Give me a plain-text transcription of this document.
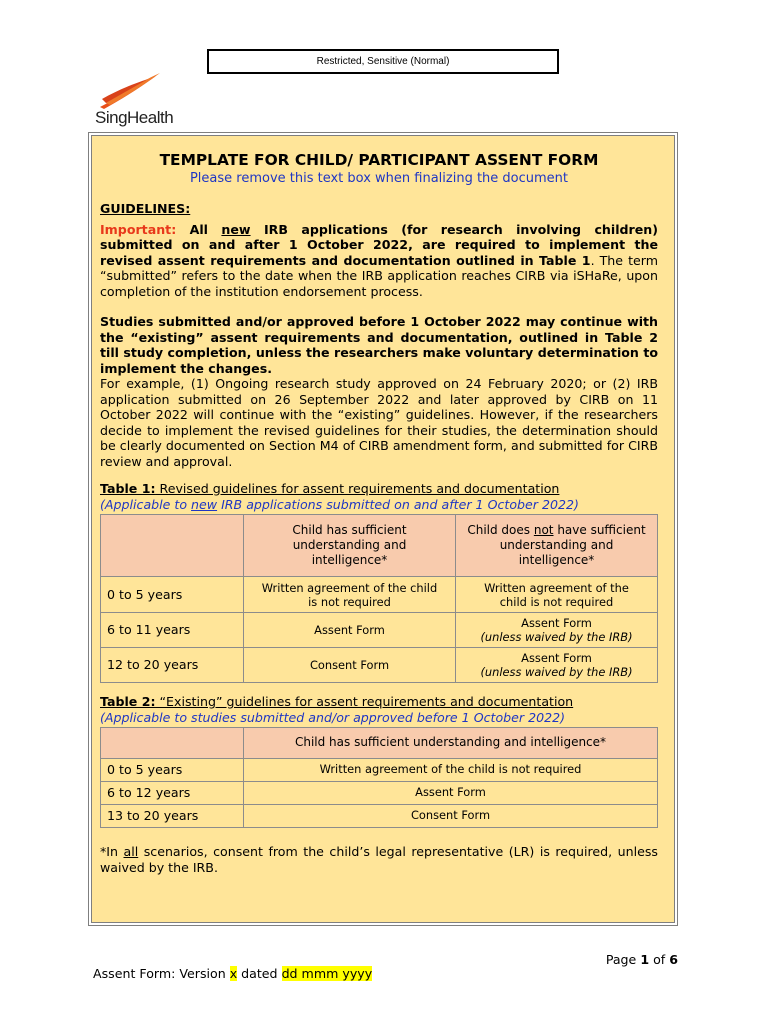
Restricted, Sensitive (Normal)
SingHealth

TEMPLATE FOR CHILD/ PARTICIPANT ASSENT FORM

Please remove this text box when finalizing the document

GUIDELINES:
Important: All new IRB applications (for research involving children) submitted on and after 1 October 2022, are required to implement the revised assent requirements and documentation outlined in Table 1. The term “submitted” refers to the date when the IRB application reaches CIRB via iSHaRe, upon completion of the institution endorsement process.
Studies submitted and/or approved before 1 October 2022 may continue with the “existing” assent requirements and documentation, outlined in Table 2 till study completion, unless the researchers make voluntary determination to implement the changes.
For example, (1) Ongoing research study approved on 24 February 2020; or (2) IRB application submitted on 26 September 2022 and later approved by CIRB on 11 October 2022 will continue with the “existing” guidelines. However, if the researchers decide to implement the revised guidelines for their studies, the determination should be clearly documented on Section M4 of CIRB amendment form, and submitted for CIRB review and approval.
Table 1: Revised guidelines for assent requirements and documentation
(Applicable to new IRB applications submitted on and after 1 October 2022)

	Child has sufficient understanding and intelligence*	Child does not have sufficient understanding and intelligence*

0 to 5 years	Written agreement of the child is not required	Written agreement of the child is not required

6 to 11 years	Assent Form	Assent Form
(unless waived by the IRB)

12 to 20 years	Consent Form	Assent Form
(unless waived by the IRB)
Table 2: “Existing” guidelines for assent requirements and documentation
(Applicable to studies submitted and/or approved before 1 October 2022)
	Child has sufficient understanding and intelligence*
0 to 5 years	Written agreement of the child is not required
6 to 12 years	Assent Form
13 to 20 years	Consent Form
*In all scenarios, consent from the child’s legal representative (LR) is required, unless waived by the IRB.
Page 1 of 6
Assent Form: Version x dated dd mmm yyyy
